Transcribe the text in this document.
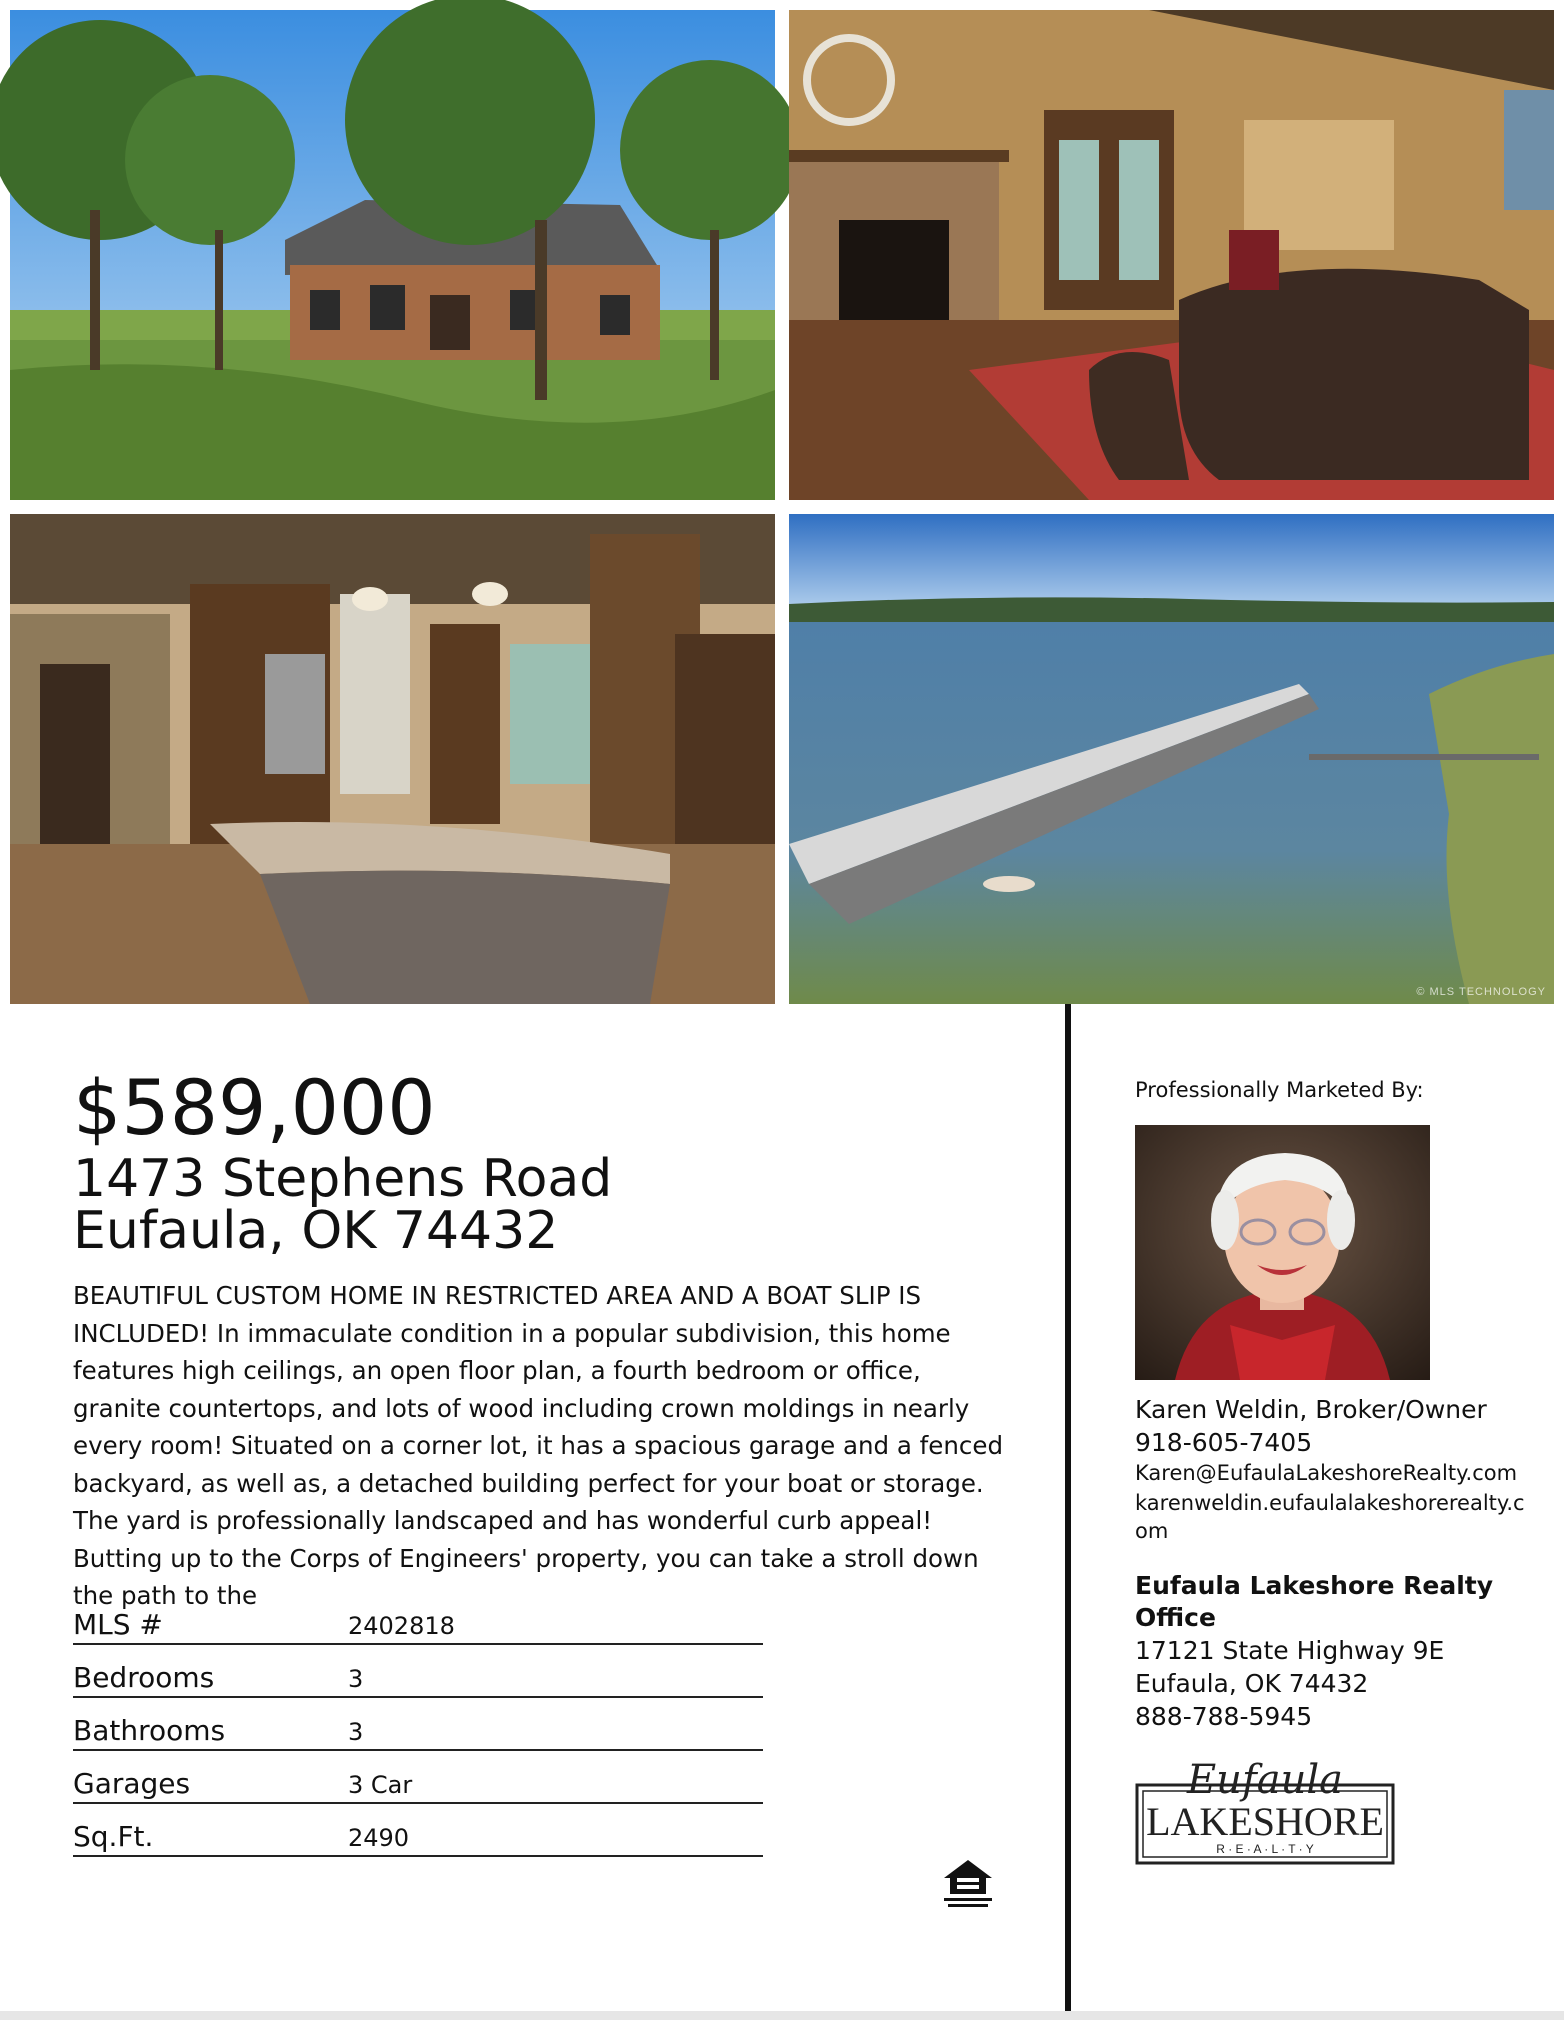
© MLS TECHNOLOGY
$589,000
1473 Stephens Road
Eufaula, OK 74432
BEAUTIFUL CUSTOM HOME IN RESTRICTED AREA AND A BOAT SLIP IS INCLUDED! In immaculate condition in a popular subdivision, this home features high ceilings, an open floor plan, a fourth bedroom or office, granite countertops, and lots of wood including crown moldings in nearly every room! Situated on a corner lot, it has a spacious garage and a fenced backyard, as well as, a detached building perfect for your boat or storage. The yard is professionally landscaped and has wonderful curb appeal! Butting up to the Corps of Engineers' property, you can take a stroll down the path to the
MLS #	2402818
Bedrooms	3
Bathrooms	3
Garages	3 Car
Sq.Ft.	2490
Professionally Marketed By:
Karen Weldin, Broker/Owner
918-605-7405
Karen@EufaulaLakeshoreRealty.com
karenweldin.eufaulalakeshorerealty.com
Eufaula Lakeshore Realty Office
17121 State Highway 9E
Eufaula, OK 74432
888-788-5945
Eufaula
LAKESHORE
R · E · A · L · T · Y
